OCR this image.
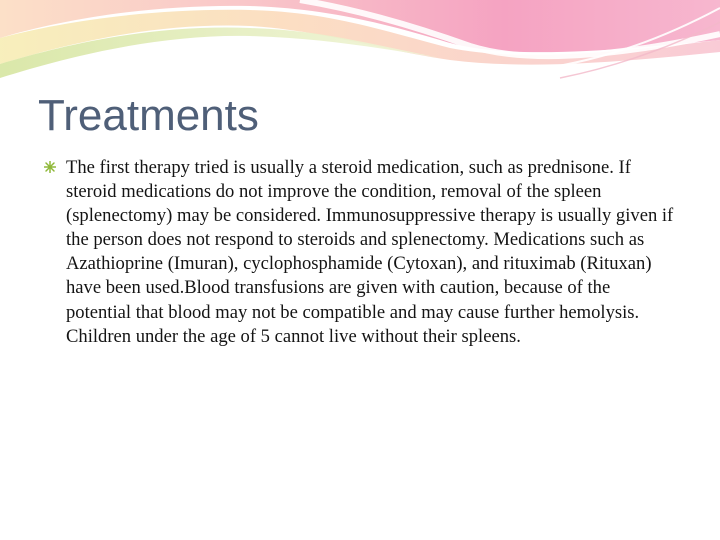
Treatments

The first therapy tried is usually a steroid medication, such as prednisone. If steroid medications do not improve the condition, removal of the spleen (splenectomy) may be considered. Immunosuppressive therapy is usually given if the person does not respond to steroids and splenectomy. Medications such as Azathioprine (Imuran), cyclophosphamide (Cytoxan), and rituximab (Rituxan) have been used.Blood transfusions are given with caution, because of the potential that blood may not be compatible and may cause further hemolysis. Children under the age of 5 cannot live without their spleens.
